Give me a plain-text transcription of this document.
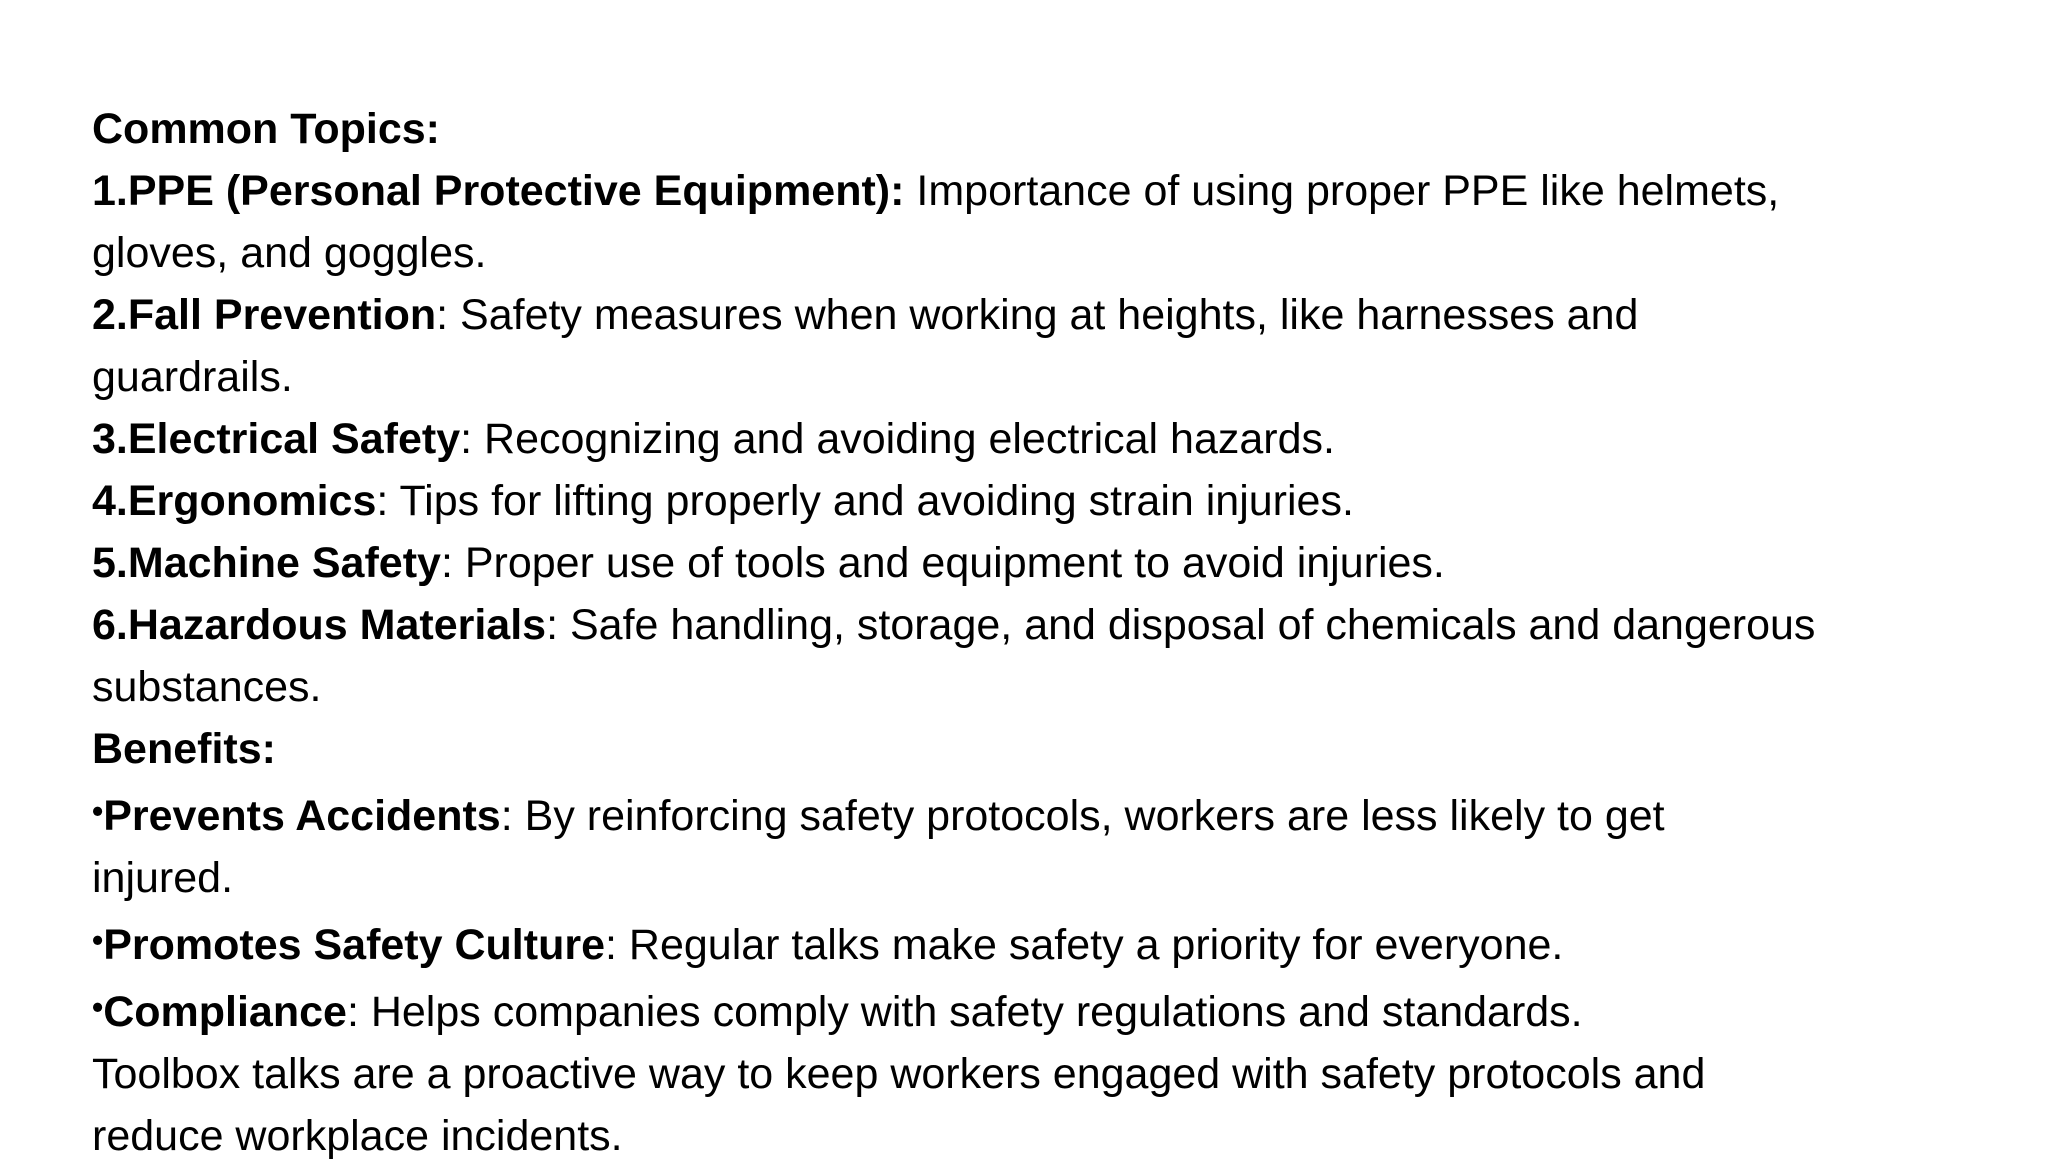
Common Topics:

1.PPE (Personal Protective Equipment): Importance of using proper PPE like helmets,

gloves, and goggles.

2.Fall Prevention: Safety measures when working at heights, like harnesses and

guardrails.

3.Electrical Safety: Recognizing and avoiding electrical hazards.

4.Ergonomics: Tips for lifting properly and avoiding strain injuries.

5.Machine Safety: Proper use of tools and equipment to avoid injuries.

6.Hazardous Materials: Safe handling, storage, and disposal of chemicals and dangerous

substances.

Benefits:

•Prevents Accidents: By reinforcing safety protocols, workers are less likely to get

injured.

•Promotes Safety Culture: Regular talks make safety a priority for everyone.

•Compliance: Helps companies comply with safety regulations and standards.

Toolbox talks are a proactive way to keep workers engaged with safety protocols and

reduce workplace incidents.
